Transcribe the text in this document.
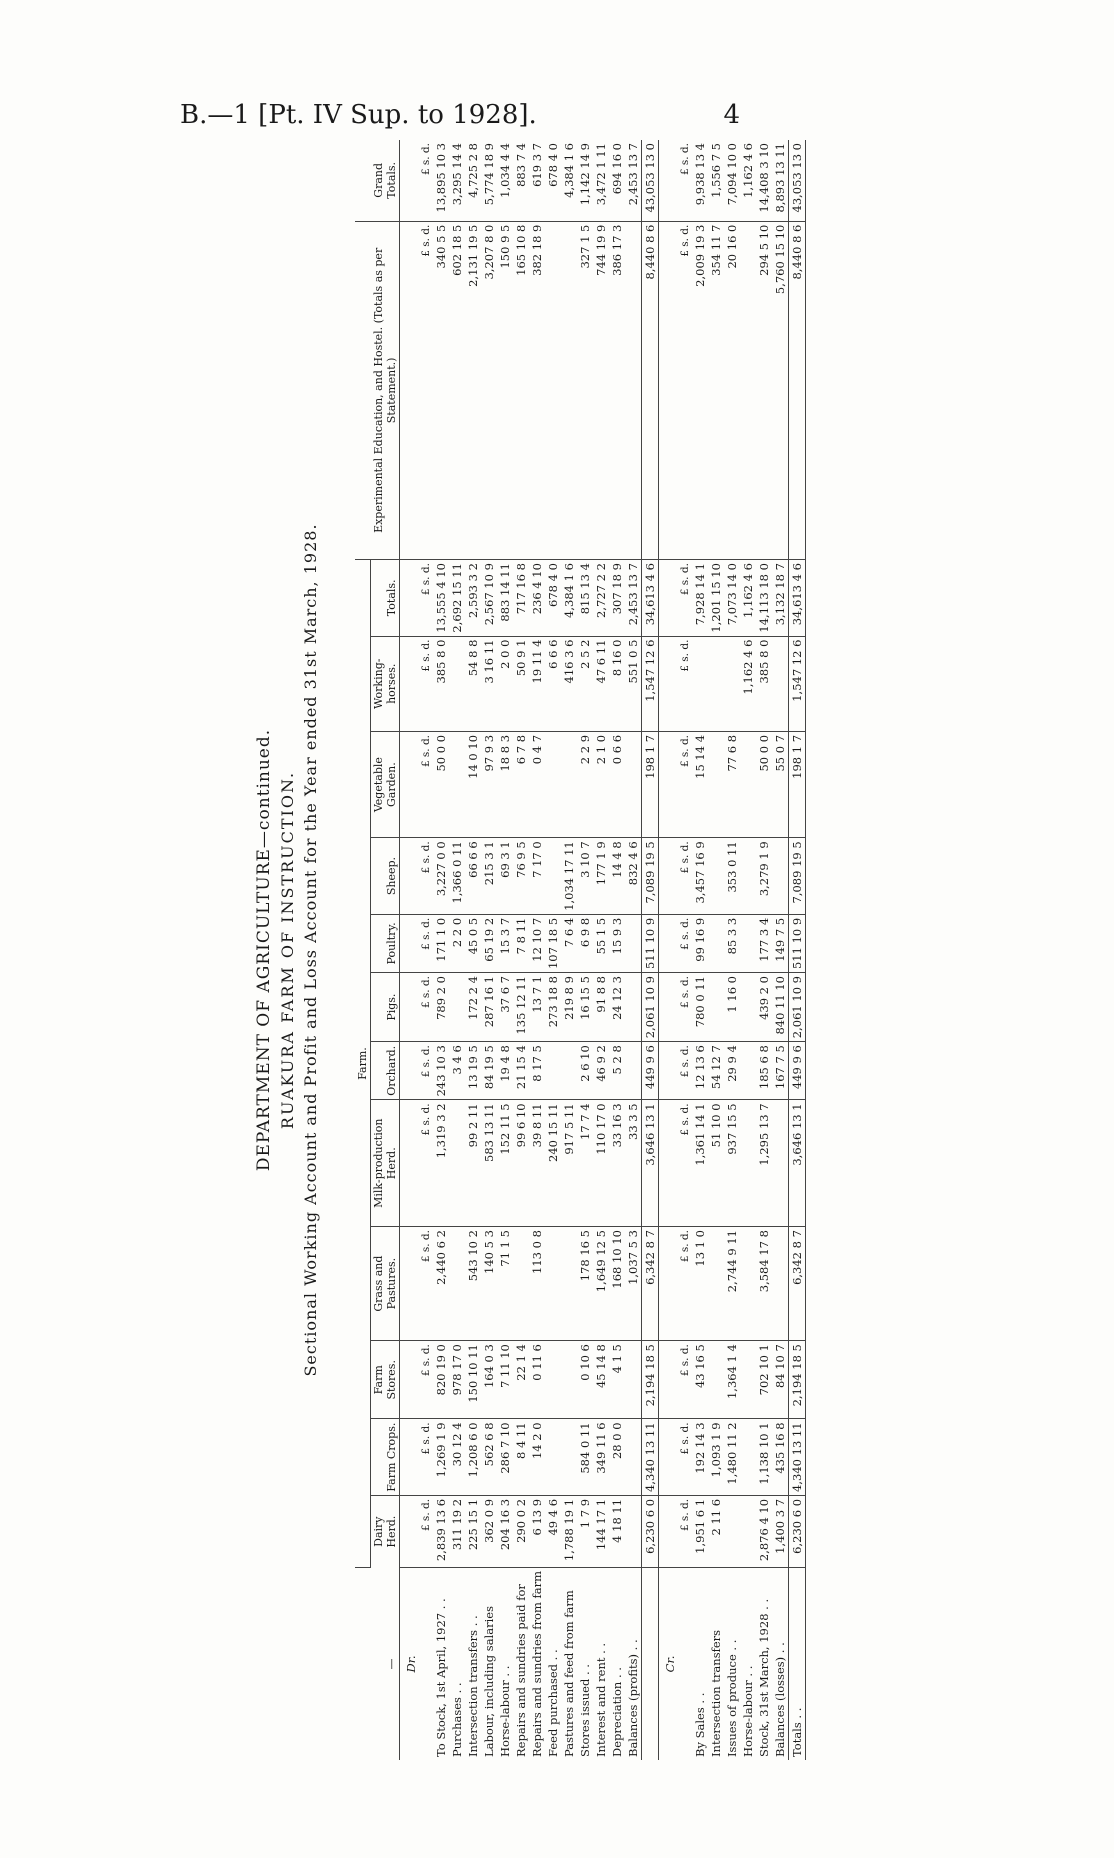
B.—1 [Pt. IV Sup. to 1928].	4
DEPARTMENT OF AGRICULTURE—continued. RUAKURA FARM OF INSTRUCTION. Sectional Working Account and Profit and Loss Account for the Year ended 31st March, 1928.
—	Farm.												Experimental Education, and Hostel. (Totals as per Statement.)	Grand Totals.
	Dairy Herd.	Farm Crops.	Farm Stores.	Grass and Pastures.	Milk-production Herd.	Orchard.	Pigs.	Poultry.	Sheep.	Vegetable Garden.	Working-horses.	Totals.		
Dr.														
	£ s. d.	£ s. d.	£ s. d.	£ s. d.	£ s. d.	£ s. d.	£ s. d.	£ s. d.	£ s. d.	£ s. d.	£ s. d.	£ s. d.	£ s. d.	£ s. d.
To Stock, 1st April, 1927 . .	2,839 13 6	1,269 1 9	820 19 0	2,440 6 2	1,319 3 2	243 10 3	789 2 0	171 1 0	3,227 0 0	50 0 0	385 8 0	13,555 4 10	340 5 5	13,895 10 3
Purchases . .	311 19 2	30 12 4	978 17 0			3 4 6		2 2 0	1,366 0 11			2,692 15 11	602 18 5	3,295 14 4
Intersection transfers . .	225 15 1	1,208 6 0	150 10 11	543 10 2	99 2 11	13 19 5	172 2 4	45 0 5	66 6 6	14 0 10	54 8 8	2,593 3 2	2,131 19 5	4,725 2 8
Labour, including salaries	362 0 9	562 6 8	164 0 3	140 5 3	583 13 11	84 19 5	287 16 1	65 19 2	215 3 1	97 9 3	3 16 11	2,567 10 9	3,207 8 0	5,774 18 9
Horse-labour . .	204 16 3	286 7 10	7 11 10	71 1 5	152 11 5	19 4 8	37 6 7	15 3 7	69 3 1	18 8 3	2 0 0	883 14 11	150 9 5	1,034 4 4
Repairs and sundries paid for	290 0 2	8 4 11	22 1 4		99 6 10	21 15 4	135 12 11	7 8 11	76 9 5	6 7 8	50 9 1	717 16 8	165 10 8	883 7 4
Repairs and sundries from farm	6 13 9	14 2 0	0 11 6	113 0 8	39 8 11	8 17 5	13 7 1	12 10 7	7 17 0	0 4 7	19 11 4	236 4 10	382 18 9	619 3 7
Feed purchased . .	49 4 6				240 15 11		273 18 8	107 18 5			6 6 6	678 4 0		678 4 0
Pastures and feed from farm	1,788 19 1				917 5 11		219 8 9	7 6 4	1,034 17 11		416 3 6	4,384 1 6		4,384 1 6
Stores issued . .	1 7 9	584 0 11	0 10 6	178 16 5	17 7 4	2 6 10	16 15 5	6 9 8	3 10 7	2 2 9	2 5 2	815 13 4	327 1 5	1,142 14 9
Interest and rent . .	144 17 1	349 11 6	45 14 8	1,649 12 5	110 17 0	46 9 2	91 8 8	55 1 5	177 1 9	2 1 0	47 6 11	2,727 2 2	744 19 9	3,472 1 11
Depreciation . .	4 18 11	28 0 0	4 1 5	168 10 10	33 16 3	5 2 8	24 12 3	15 9 3	14 4 8	0 6 6	8 16 0	307 18 9	386 17 3	694 16 0
Balances (profits) . .				1,037 5 3	33 3 5				832 4 6		551 0 5	2,453 13 7		2,453 13 7
	6,230 6 0	4,340 13 11	2,194 18 5	6,342 8 7	3,646 13 1	449 9 6	2,061 10 9	511 10 9	7,089 19 5	198 1 7	1,547 12 6	34,613 4 6	8,440 8 6	43,053 13 0
Cr.														
	£ s. d.	£ s. d.	£ s. d.	£ s. d.	£ s. d.	£ s. d.	£ s. d.	£ s. d.	£ s. d.	£ s. d.	£ s. d.	£ s. d.	£ s. d.	£ s. d.
By Sales . .	1,951 6 1	192 14 3	43 16 5	13 1 0	1,361 14 1	12 13 6	780 0 11	99 16 9	3,457 16 9	15 14 4		7,928 14 1	2,009 19 3	9,938 13 4
Intersection transfers	2 11 6	1,093 1 9			51 10 0	54 12 7						1,201 15 10	354 11 7	1,556 7 5
Issues of produce . .		1,480 11 2	1,364 1 4	2,744 9 11	937 15 5	29 9 4	1 16 0	85 3 3	353 0 11	77 6 8		7,073 14 0	20 16 0	7,094 10 0
Horse-labour . .											1,162 4 6	1,162 4 6		1,162 4 6
Stock, 31st March, 1928 . .	2,876 4 10	1,138 10 1	702 10 1	3,584 17 8	1,295 13 7	185 6 8	439 2 0	177 3 4	3,279 1 9	50 0 0	385 8 0	14,113 18 0	294 5 10	14,408 3 10
Balances (losses) . .	1,400 3 7	435 16 8	84 10 7			167 7 5	840 11 10	149 7 5		55 0 7		3,132 18 7	5,760 15 10	8,893 13 11
Totals . .	6,230 6 0	4,340 13 11	2,194 18 5	6,342 8 7	3,646 13 1	449 9 6	2,061 10 9	511 10 9	7,089 19 5	198 1 7	1,547 12 6	34,613 4 6	8,440 8 6	43,053 13 0
